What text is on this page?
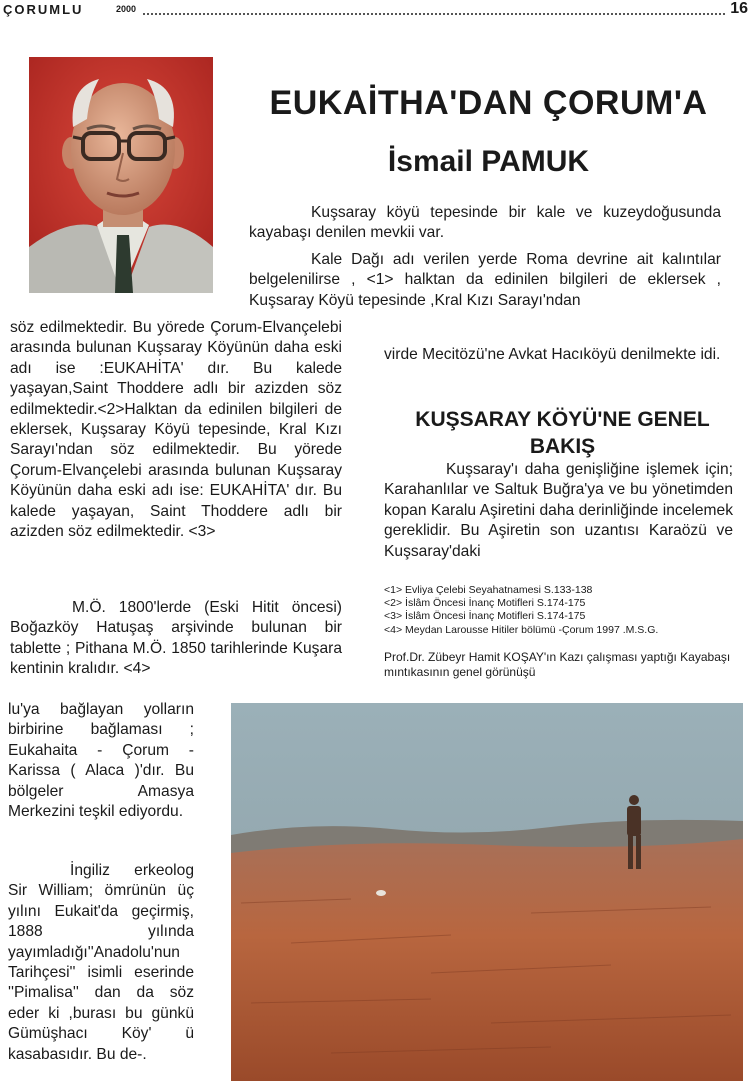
ÇORUMLU	2000	16
EUKAİTHA'DAN ÇORUM'A
İsmail PAMUK
Kuşsaray köyü tepesinde bir kale ve kuzeydoğusunda kayabaşı denilen mevkii var.
Kale Dağı adı verilen yerde Roma devrine ait kalıntılar belgelenilirse , <1> halktan da edinilen bilgileri de eklersek , Kuşsaray Köyü tepesinde ,Kral Kızı Sarayı'ndan
söz edilmektedir. Bu yörede Çorum-Elvançelebi arasında bulunan Kuşsaray Köyünün daha eski adı ise :EUKAHİTA' dır. Bu kalede yaşayan,Saint Thoddere adlı bir azizden söz edilmektedir.<2>Halktan da edinilen bilgileri de eklersek, Kuşsaray Köyü tepesinde, Kral Kızı Sarayı'ndan söz edilmektedir. Bu yörede Çorum-Elvançelebi arasında bulunan Kuşsaray Köyünün daha eski adı ise: EUKAHİTA' dır. Bu kalede yaşayan, Saint Thoddere adlı bir azizden söz edilmektedir. <3>
M.Ö. 1800'lerde (Eski Hitit öncesi) Boğazköy Hatuşaş arşivinde bulunan bir tablette ; Pithana M.Ö. 1850 tarihlerinde Kuşara kentinin kralıdır. <4>
virde Mecitözü'ne Avkat Hacıköyü denilmekte idi.
KUŞSARAY KÖYÜ'NE GENEL BAKIŞ
Kuşsaray'ı daha genişliğine işlemek için; Karahanlılar ve Saltuk Buğra'ya ve bu yönetimden kopan Karalu Aşiretini daha derinliğinde incelemek gereklidir. Bu Aşiretin son uzantısı Karaözü ve Kuşsaray'daki
<1> Evliya Çelebi Seyahatnamesi S.133-138
<2> İslâm Öncesi İnanç Motifleri S.174-175
<3> İslâm Öncesi İnanç Motifleri S.174-175
<4> Meydan Larousse Hitiler bölümü -Çorum 1997 .M.S.G.
Prof.Dr. Zübeyr Hamit KOŞAY'ın Kazı çalışması yaptığı Kayabaşı mıntıkasının genel görünüşü
lu'ya bağlayan yolların birbirine bağlaması ; Eukahaita - Çorum - Karissa ( Alaca )'dır. Bu bölgeler Amasya Merkezini teşkil ediyordu.
İngiliz erkeolog Sir William; ömrünün üç yılını Eukait'da geçirmiş, 1888 yılında yayımladığı''Anadolu'nun Tarihçesi'' isimli eserinde ''Pimalisa'' dan da söz eder ki ,burası bu günkü Gümüşhacı Köy' ü kasabasıdır. Bu de-.
